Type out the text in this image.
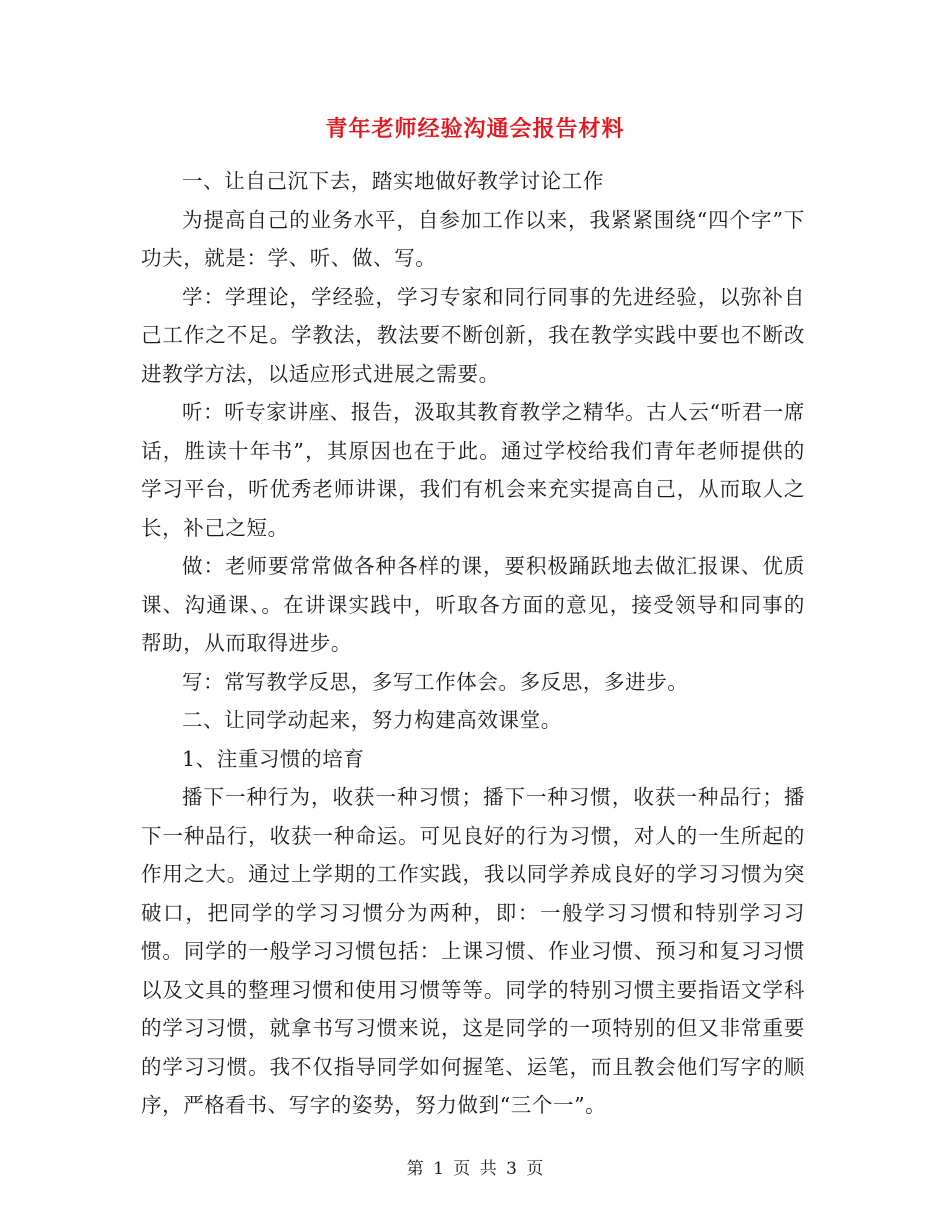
青年老师经验沟通会报告材料

一、让自己沉下去，踏实地做好教学讨论工作

为提高自己的业务水平，自参加工作以来，我紧紧围绕“四个字”下功夫，就是：学、听、做、写。

学：学理论，学经验，学习专家和同行同事的先进经验，以弥补自己工作之不足。学教法，教法要不断创新，我在教学实践中要也不断改进教学方法，以适应形式进展之需要。

听：听专家讲座、报告，汲取其教育教学之精华。古人云“听君一席话，胜读十年书”，其原因也在于此。通过学校给我们青年老师提供的学习平台，听优秀老师讲课，我们有机会来充实提高自己，从而取人之长，补己之短。

做：老师要常常做各种各样的课，要积极踊跃地去做汇报课、优质课、沟通课、。在讲课实践中，听取各方面的意见，接受领导和同事的帮助，从而取得进步。

写：常写教学反思，多写工作体会。多反思，多进步。

二、让同学动起来，努力构建高效课堂。

1、注重习惯的培育

播下一种行为，收获一种习惯；播下一种习惯，收获一种品行；播下一种品行，收获一种命运。可见良好的行为习惯，对人的一生所起的作用之大。通过上学期的工作实践，我以同学养成良好的学习习惯为突破口，把同学的学习习惯分为两种，即：一般学习习惯和特别学习习惯。同学的一般学习习惯包括：上课习惯、作业习惯、预习和复习习惯以及文具的整理习惯和使用习惯等等。同学的特别习惯主要指语文学科的学习习惯，就拿书写习惯来说，这是同学的一项特别的但又非常重要的学习习惯。我不仅指导同学如何握笔、运笔，而且教会他们写字的顺序，严格看书、写字的姿势，努力做到“三个一”。

第 1 页 共 3 页
